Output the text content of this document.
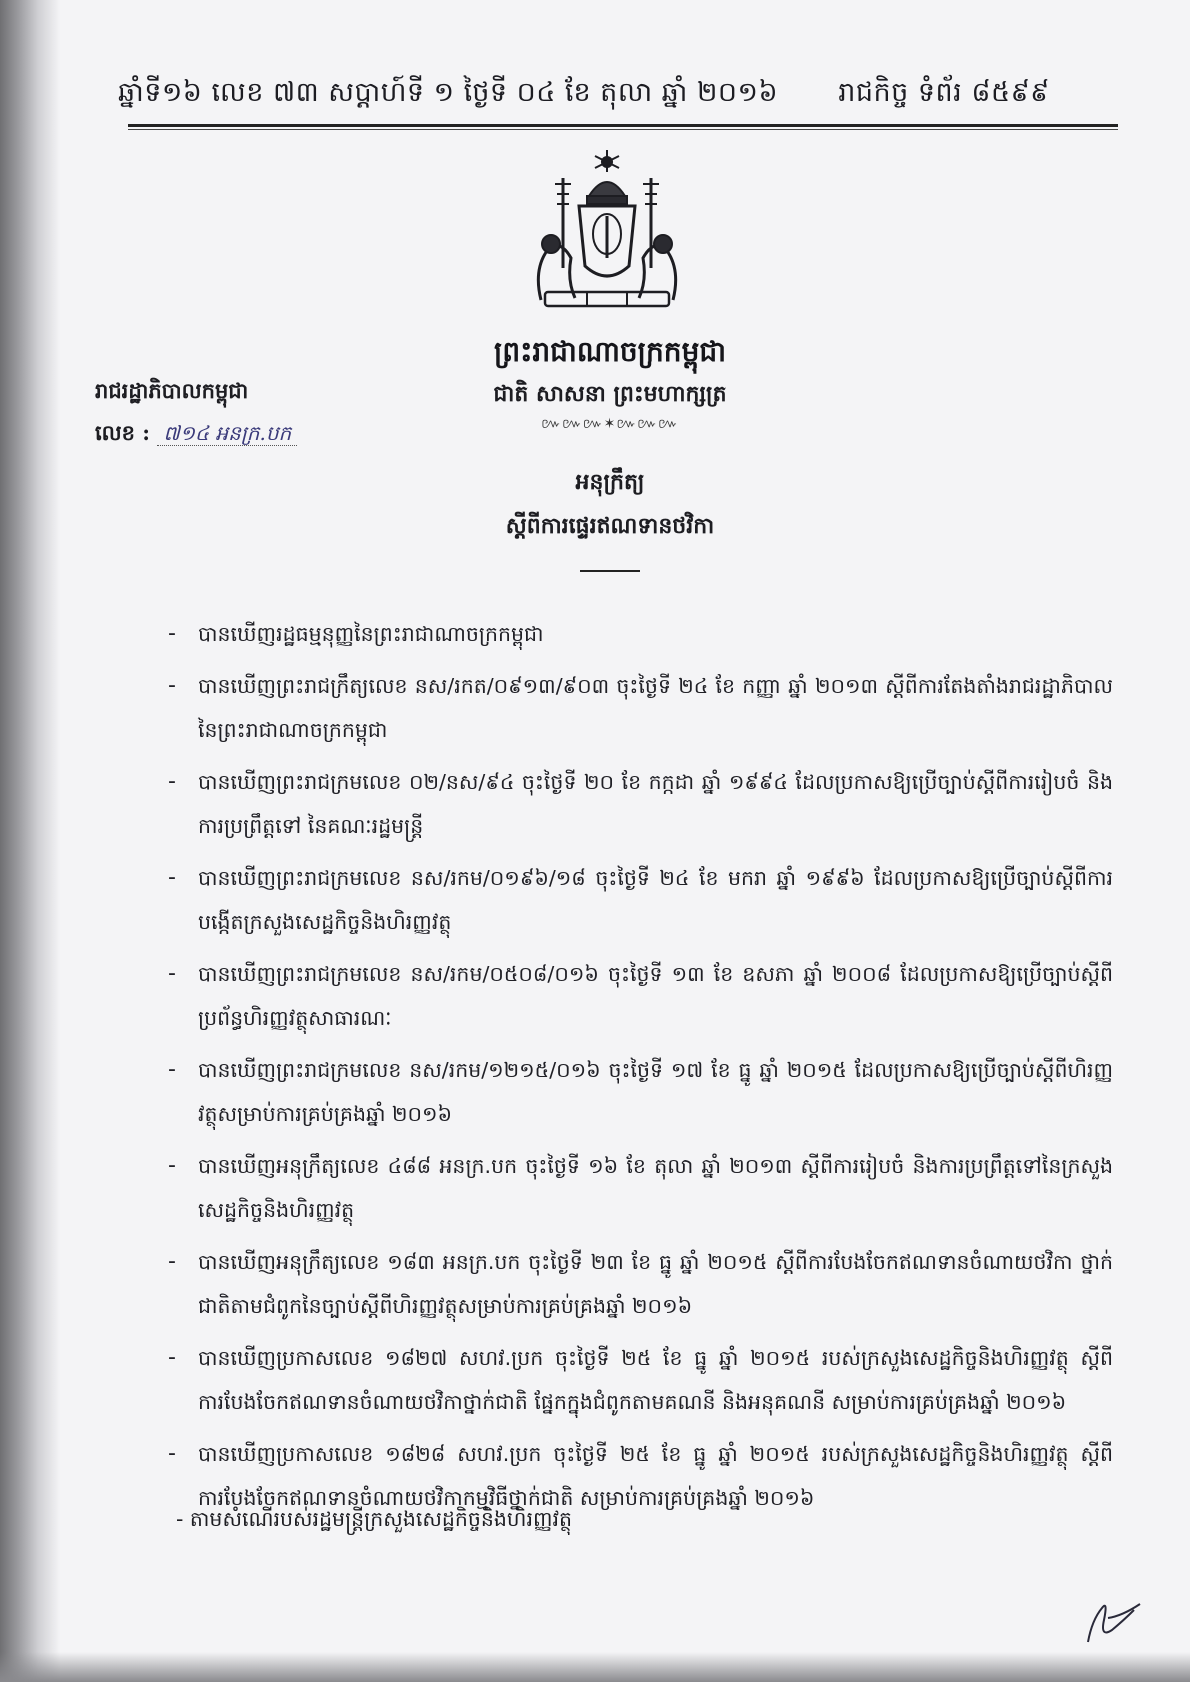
ឆ្នាំទី១៦ លេខ ៧៣ សប្តាហ៍ទី ១ ថ្ងៃទី ០៤ ខែ តុលា ឆ្នាំ ២០១៦ រាជកិច្ច ទំព័រ ៨៥៩៩
ព្រះរាជាណាចក្រកម្ពុជា
ជាតិ សាសនា ព្រះមហាក្សត្រ
៚៚៚✶៚៚៚
រាជរដ្ឋាភិបាលកម្ពុជា
លេខ : ៧១៤ អនក្រ.បក
អនុក្រឹត្យ
ស្តីពីការផ្ទេរឥណទានថវិកា
- បានឃើញរដ្ឋធម្មនុញ្ញនៃព្រះរាជាណាចក្រកម្ពុជា
- បានឃើញព្រះរាជក្រឹត្យលេខ នស/រកត/០៩១៣/៩០៣ ចុះថ្ងៃទី ២៤ ខែ កញ្ញា ឆ្នាំ ២០១៣ ស្តីពីការតែងតាំងរាជរដ្ឋាភិបាល នៃព្រះរាជាណាចក្រកម្ពុជា
- បានឃើញព្រះរាជក្រមលេខ ០២/នស/៩៤ ចុះថ្ងៃទី ២០ ខែ កក្កដា ឆ្នាំ ១៩៩៤ ដែលប្រកាសឱ្យប្រើច្បាប់ស្តីពីការរៀបចំ និងការប្រព្រឹត្តទៅ នៃគណៈរដ្ឋមន្ត្រី
- បានឃើញព្រះរាជក្រមលេខ នស/រកម/០១៩៦/១៨ ចុះថ្ងៃទី ២៤ ខែ មករា ឆ្នាំ ១៩៩៦ ដែលប្រកាសឱ្យប្រើច្បាប់ស្តីពីការបង្កើតក្រសួងសេដ្ឋកិច្ចនិងហិរញ្ញវត្ថុ
- បានឃើញព្រះរាជក្រមលេខ នស/រកម/០៥០៨/០១៦ ចុះថ្ងៃទី ១៣ ខែ ឧសភា ឆ្នាំ ២០០៨ ដែលប្រកាសឱ្យប្រើច្បាប់ស្តីពីប្រព័ន្ធហិរញ្ញវត្ថុសាធារណៈ
- បានឃើញព្រះរាជក្រមលេខ នស/រកម/១២១៥/០១៦ ចុះថ្ងៃទី ១៧ ខែ ធ្នូ ឆ្នាំ ២០១៥ ដែលប្រកាសឱ្យប្រើច្បាប់ស្តីពីហិរញ្ញវត្ថុសម្រាប់ការគ្រប់គ្រងឆ្នាំ ២០១៦
- បានឃើញអនុក្រឹត្យលេខ ៤៨៨ អនក្រ.បក ចុះថ្ងៃទី ១៦ ខែ តុលា ឆ្នាំ ២០១៣ ស្តីពីការរៀបចំ និងការប្រព្រឹត្តទៅនៃក្រសួងសេដ្ឋកិច្ចនិងហិរញ្ញវត្ថុ
- បានឃើញអនុក្រឹត្យលេខ ១៨៣ អនក្រ.បក ចុះថ្ងៃទី ២៣ ខែ ធ្នូ ឆ្នាំ ២០១៥ ស្តីពីការបែងចែកឥណទានចំណាយថវិកា ថ្នាក់ជាតិតាមជំពូកនៃច្បាប់ស្តីពីហិរញ្ញវត្ថុសម្រាប់ការគ្រប់គ្រងឆ្នាំ ២០១៦
- បានឃើញប្រកាសលេខ ១៨២៧ សហវ.ប្រក ចុះថ្ងៃទី ២៥ ខែ ធ្នូ ឆ្នាំ ២០១៥ របស់ក្រសួងសេដ្ឋកិច្ចនិងហិរញ្ញវត្ថុ ស្តីពីការបែងចែកឥណទានចំណាយថវិកាថ្នាក់ជាតិ ផ្នែកក្នុងជំពូកតាមគណនី និងអនុគណនី សម្រាប់ការគ្រប់គ្រងឆ្នាំ ២០១៦
- បានឃើញប្រកាសលេខ ១៨២៨ សហវ.ប្រក ចុះថ្ងៃទី ២៥ ខែ ធ្នូ ឆ្នាំ ២០១៥ របស់ក្រសួងសេដ្ឋកិច្ចនិងហិរញ្ញវត្ថុ ស្តីពីការបែងចែកឥណទានចំណាយថវិកាកម្មវិធីថ្នាក់ជាតិ សម្រាប់ការគ្រប់គ្រងឆ្នាំ ២០១៦
- តាមសំណើរបស់រដ្ឋមន្ត្រីក្រសួងសេដ្ឋកិច្ចនិងហិរញ្ញវត្ថុ
